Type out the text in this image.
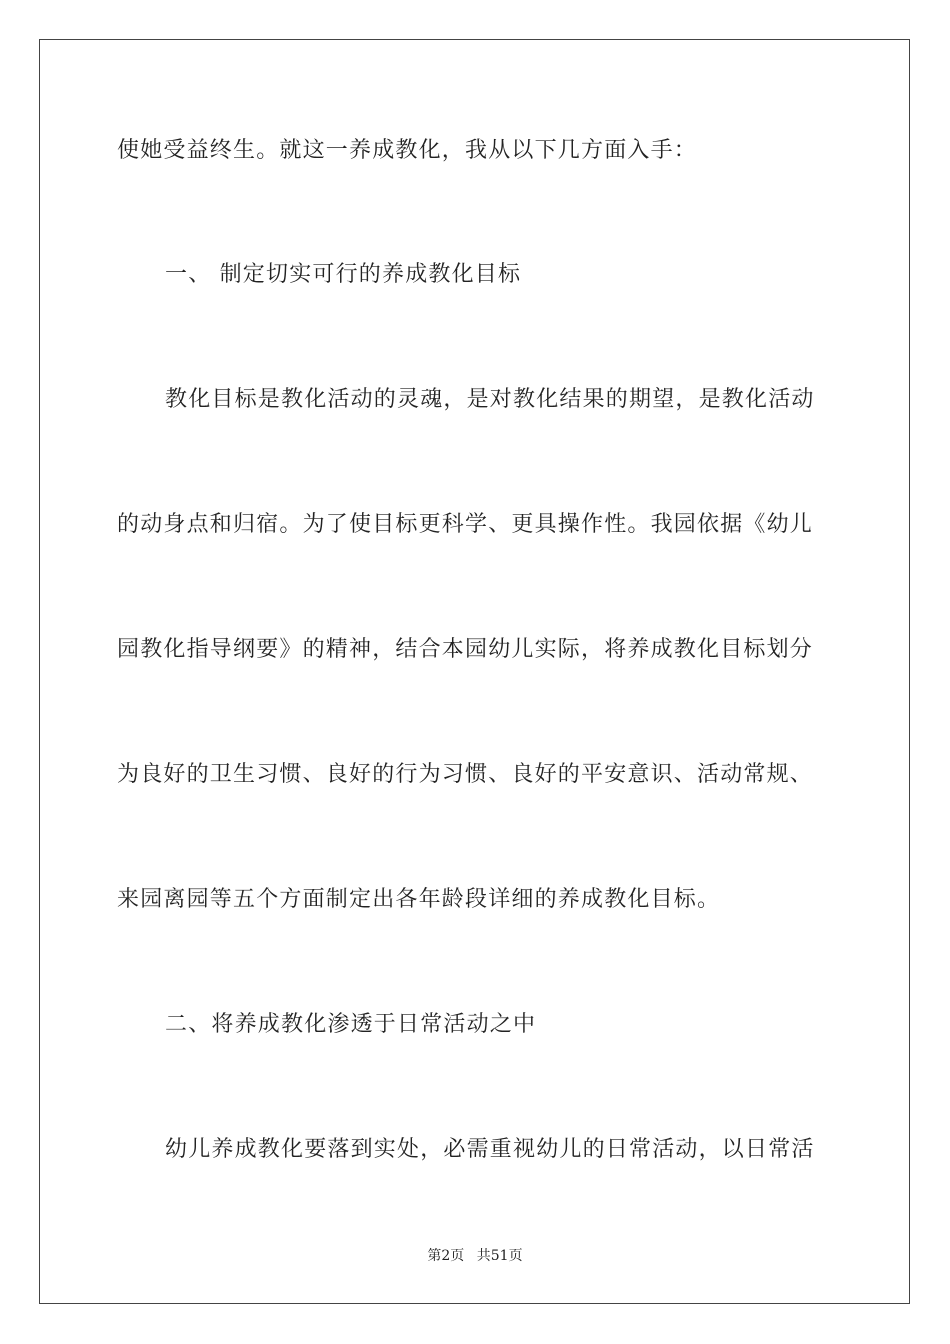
使她受益终生。就这一养成教化，我从以下几方面入手：
一、 制定切实可行的养成教化目标
教化目标是教化活动的灵魂，是对教化结果的期望，是教化活动
的动身点和归宿。为了使目标更科学、更具操作性。我园依据《幼儿
园教化指导纲要》的精神，结合本园幼儿实际，将养成教化目标划分
为良好的卫生习惯、良好的行为习惯、良好的平安意识、活动常规、
来园离园等五个方面制定出各年龄段详细的养成教化目标。
二、将养成教化渗透于日常活动之中
幼儿养成教化要落到实处，必需重视幼儿的日常活动，以日常活
第2页 共51页
